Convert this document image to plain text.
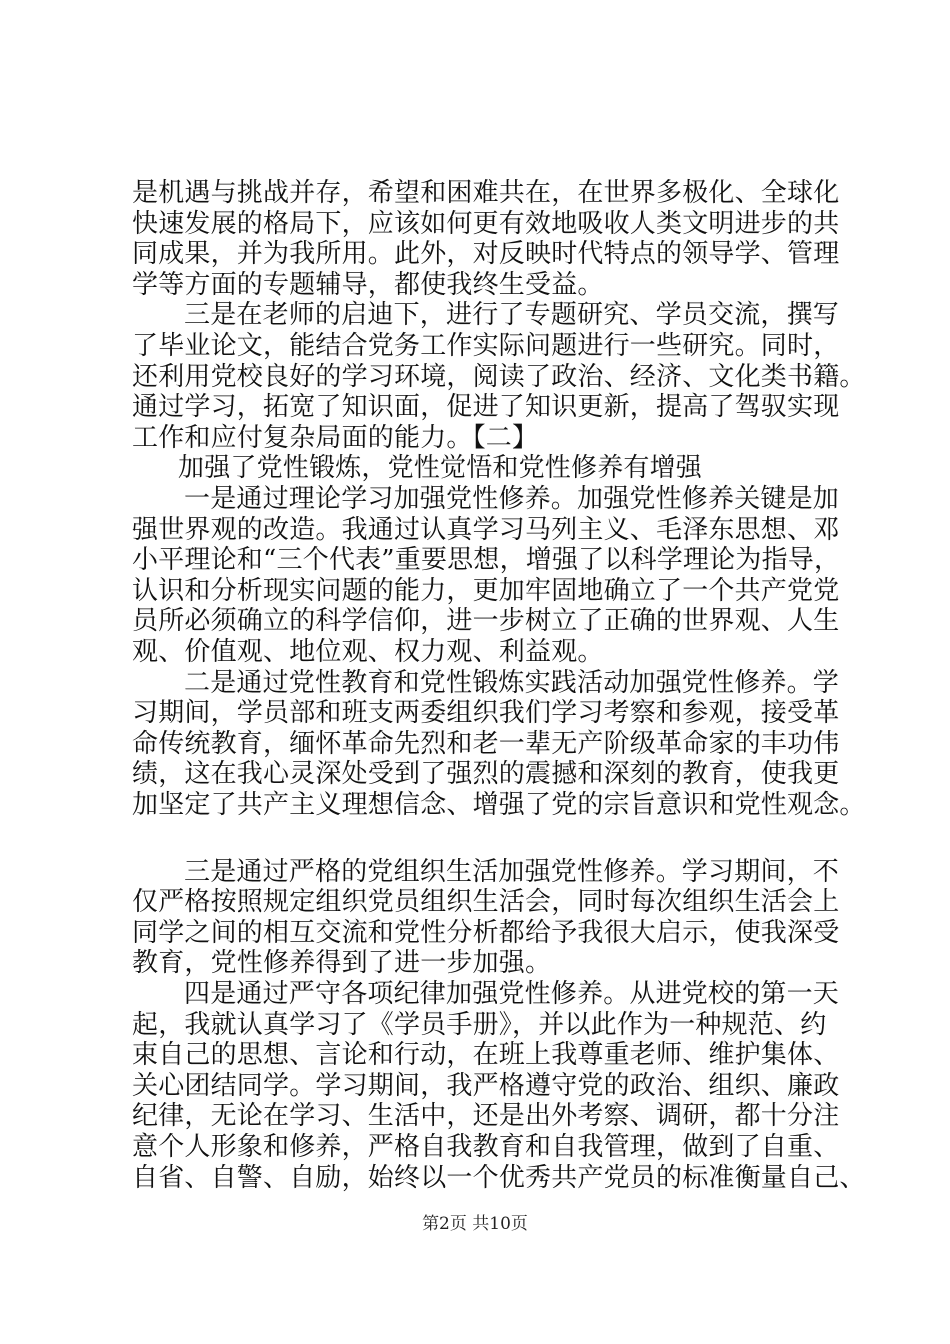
是机遇与挑战并存，希望和困难共在，在世界多极化、全球化
快速发展的格局下，应该如何更有效地吸收人类文明进步的共
同成果，并为我所用。此外，对反映时代特点的领导学、管理
学等方面的专题辅导，都使我终生受益。
三是在老师的启迪下，进行了专题研究、学员交流，撰写
了毕业论文，能结合党务工作实际问题进行一些研究。同时，
还利用党校良好的学习环境，阅读了政治、经济、文化类书籍。
通过学习，拓宽了知识面，促进了知识更新，提高了驾驭实现
工作和应付复杂局面的能力。【二】
加强了党性锻炼，党性觉悟和党性修养有增强
一是通过理论学习加强党性修养。加强党性修养关键是加
强世界观的改造。我通过认真学习马列主义、毛泽东思想、邓
小平理论和“三个代表”重要思想，增强了以科学理论为指导，
认识和分析现实问题的能力，更加牢固地确立了一个共产党党
员所必须确立的科学信仰，进一步树立了正确的世界观、人生
观、价值观、地位观、权力观、利益观。
二是通过党性教育和党性锻炼实践活动加强党性修养。学
习期间，学员部和班支两委组织我们学习考察和参观，接受革
命传统教育，缅怀革命先烈和老一辈无产阶级革命家的丰功伟
绩，这在我心灵深处受到了强烈的震撼和深刻的教育，使我更
加坚定了共产主义理想信念、增强了党的宗旨意识和党性观念。
三是通过严格的党组织生活加强党性修养。学习期间，不
仅严格按照规定组织党员组织生活会，同时每次组织生活会上
同学之间的相互交流和党性分析都给予我很大启示，使我深受
教育，党性修养得到了进一步加强。
四是通过严守各项纪律加强党性修养。从进党校的第一天
起，我就认真学习了《学员手册》，并以此作为一种规范、约
束自己的思想、言论和行动，在班上我尊重老师、维护集体、
关心团结同学。学习期间，我严格遵守党的政治、组织、廉政
纪律，无论在学习、生活中，还是出外考察、调研，都十分注
意个人形象和修养，严格自我教育和自我管理，做到了自重、
自省、自警、自励，始终以一个优秀共产党员的标准衡量自己、
第2页 共10页
